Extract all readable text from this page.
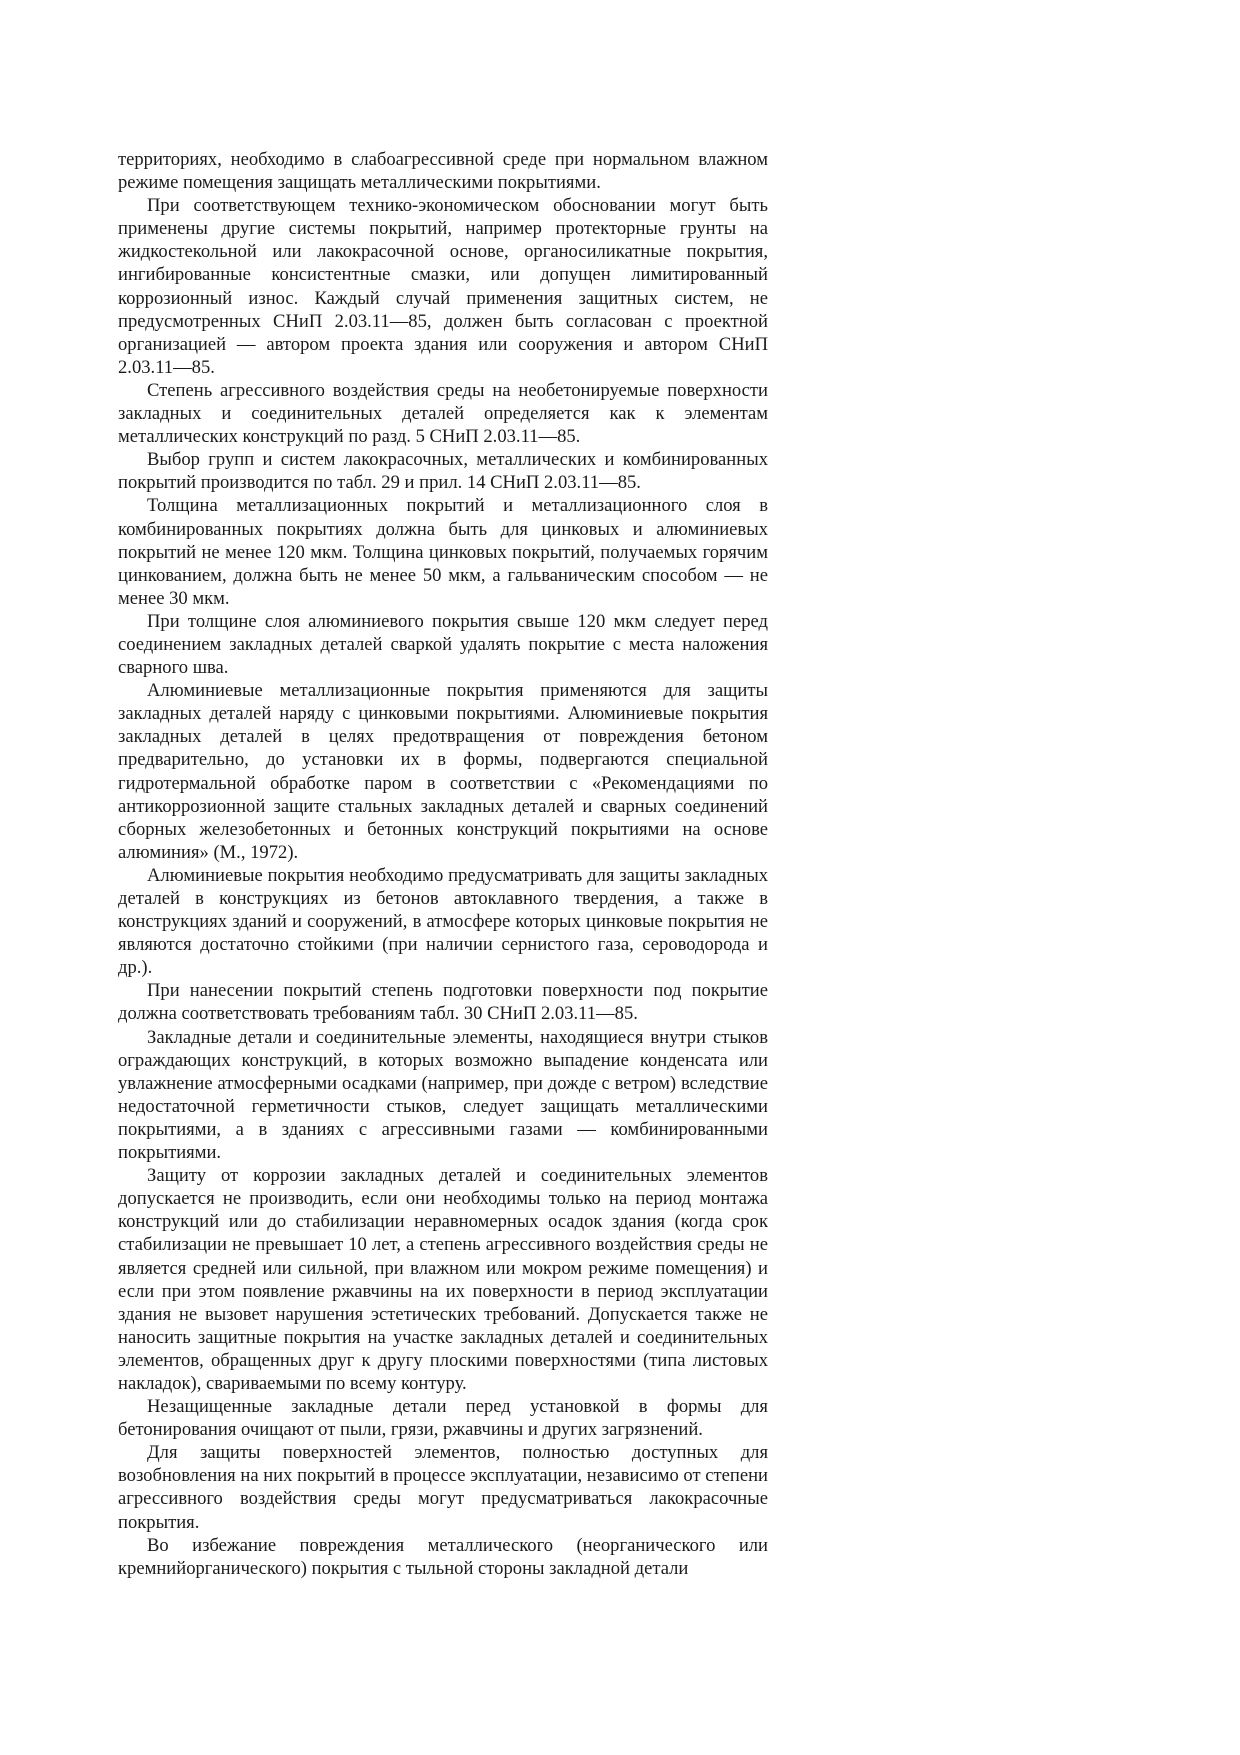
территориях, необходимо в слабоагрессивной среде при нормальном влажном режиме помещения защищать металлическими покрытиями.

При соответствующем технико-экономическом обосновании могут быть применены другие системы покрытий, например протекторные грунты на жидкостекольной или лакокрасочной основе, органосиликатные покрытия, ингибированные консистентные смазки, или допущен лимитированный коррозионный износ. Каждый случай применения защитных систем, не предусмотренных СНиП 2.03.11—85, должен быть согласован с проектной организацией — автором проекта здания или сооружения и автором СНиП 2.03.11—85.

Степень агрессивного воздействия среды на необетонируемые поверхности закладных и соединительных деталей определяется как к элементам металлических конструкций по разд. 5 СНиП 2.03.11—85.

Выбор групп и систем лакокрасочных, металлических и комбинированных покрытий производится по табл. 29 и прил. 14 СНиП 2.03.11—85.

Толщина металлизационных покрытий и металлизационного слоя в комбинированных покрытиях должна быть для цинковых и алюминиевых покрытий не менее 120 мкм. Толщина цинковых покрытий, получаемых горячим цинкованием, должна быть не менее 50 мкм, а гальваническим способом — не менее 30 мкм.

При толщине слоя алюминиевого покрытия свыше 120 мкм следует перед соединением закладных деталей сваркой удалять покрытие с места наложения сварного шва.

Алюминиевые металлизационные покрытия применяются для защиты закладных деталей наряду с цинковыми покрытиями. Алюминиевые покрытия закладных деталей в целях предотвращения от повреждения бетоном предварительно, до установки их в формы, подвергаются специальной гидротермальной обработке паром в соответствии с «Рекомендациями по антикоррозионной защите стальных закладных деталей и сварных соединений сборных железобетонных и бетонных конструкций покрытиями на основе алюминия» (М., 1972).

Алюминиевые покрытия необходимо предусматривать для защиты закладных деталей в конструкциях из бетонов автоклавного твердения, а также в конструкциях зданий и сооружений, в атмосфере которых цинковые покрытия не являются достаточно стойкими (при наличии сернистого газа, сероводорода и др.).

При нанесении покрытий степень подготовки поверхности под покрытие должна соответствовать требованиям табл. 30 СНиП 2.03.11—85.

Закладные детали и соединительные элементы, находящиеся внутри стыков ограждающих конструкций, в которых возможно выпадение конденсата или увлажнение атмосферными осадками (например, при дожде с ветром) вследствие недостаточной герметичности стыков, следует защищать металлическими покрытиями, а в зданиях с агрессивными газами — комбинированными покрытиями.

Защиту от коррозии закладных деталей и соединительных элементов допускается не производить, если они необходимы только на период монтажа конструкций или до стабилизации неравномерных осадок здания (когда срок стабилизации не превышает 10 лет, а степень агрессивного воздействия среды не является средней или сильной, при влажном или мокром режиме помещения) и если при этом появление ржавчины на их поверхности в период эксплуатации здания не вызовет нарушения эстетических требований. Допускается также не наносить защитные покрытия на участке закладных деталей и соединительных элементов, обращенных друг к другу плоскими поверхностями (типа листовых накладок), свариваемыми по всему контуру.

Незащищенные закладные детали перед установкой в формы для бетонирования очищают от пыли, грязи, ржавчины и других загрязнений.

Для защиты поверхностей элементов, полностью доступных для возобновления на них покрытий в процессе эксплуатации, независимо от степени агрессивного воздействия среды могут предусматриваться лакокрасочные покрытия.

Во избежание повреждения металлического (неорганического или кремнийорганического) покрытия с тыльной стороны закладной детали
